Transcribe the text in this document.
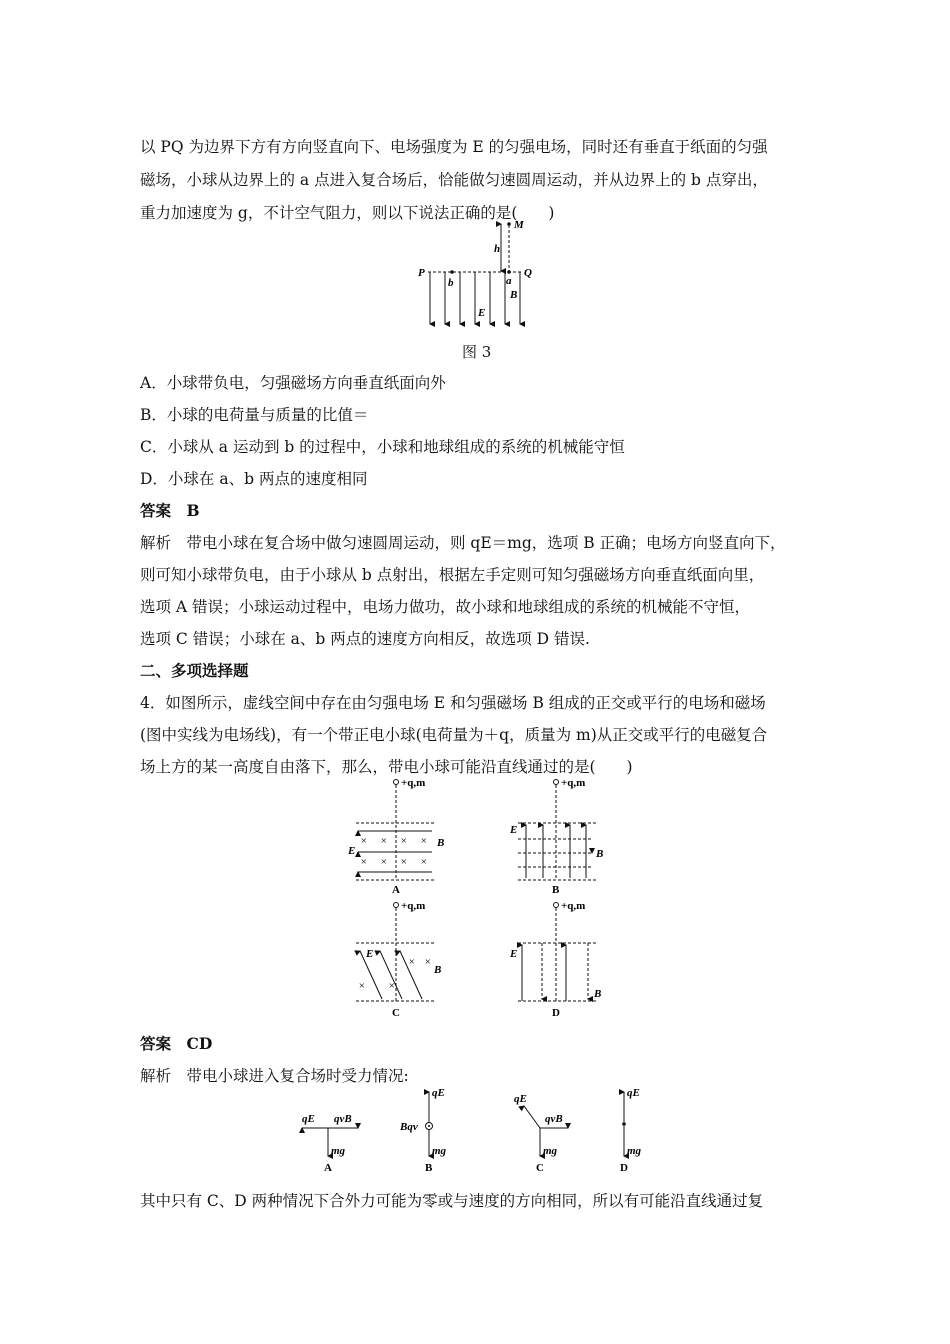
以 PQ 为边界下方有方向竖直向下、电场强度为 E 的匀强电场，同时还有垂直于纸面的匀强
磁场，小球从边界上的 a 点进入复合场后，恰能做匀速圆周运动，并从边界上的 b 点穿出，
重力加速度为 g，不计空气阻力，则以下说法正确的是(　　)
M
h
P	Q
b	a
B
E
图 3
A．小球带负电，匀强磁场方向垂直纸面向外
B．小球的电荷量与质量的比值＝
C．小球从 a 运动到 b 的过程中，小球和地球组成的系统的机械能守恒
D．小球在 a、b 两点的速度相同
答案　B
解析　带电小球在复合场中做匀速圆周运动，则 qE＝mg，选项 B 正确；电场方向竖直向下，
则可知小球带负电，由于小球从 b 点射出，根据左手定则可知匀强磁场方向垂直纸面向里，
选项 A 错误；小球运动过程中，电场力做功，故小球和地球组成的系统的机械能不守恒，
选项 C 错误；小球在 a、b 两点的速度方向相反，故选项 D 错误.
二、多项选择题
4．如图所示，虚线空间中存在由匀强电场 E 和匀强磁场 B 组成的正交或平行的电场和磁场
(图中实线为电场线)，有一个带正电小球(电荷量为＋q，质量为 m)从正交或平行的电磁复合
场上方的某一高度自由落下，那么，带电小球可能沿直线通过的是(　　)
+q,m
× × × ×
× × × ×
E
B
A
+q,m
E
B
B
+q,m
× ×
× ×
E
B
C
+q,m
E
B
D
答案　CD
解析　带电小球进入复合场时受力情况:
qE qvB
mg
A
qE
Bqv
mg
B
qE
qvB
mg
C
qE
mg
D
其中只有 C、D 两种情况下合外力可能为零或与速度的方向相同，所以有可能沿直线通过复
